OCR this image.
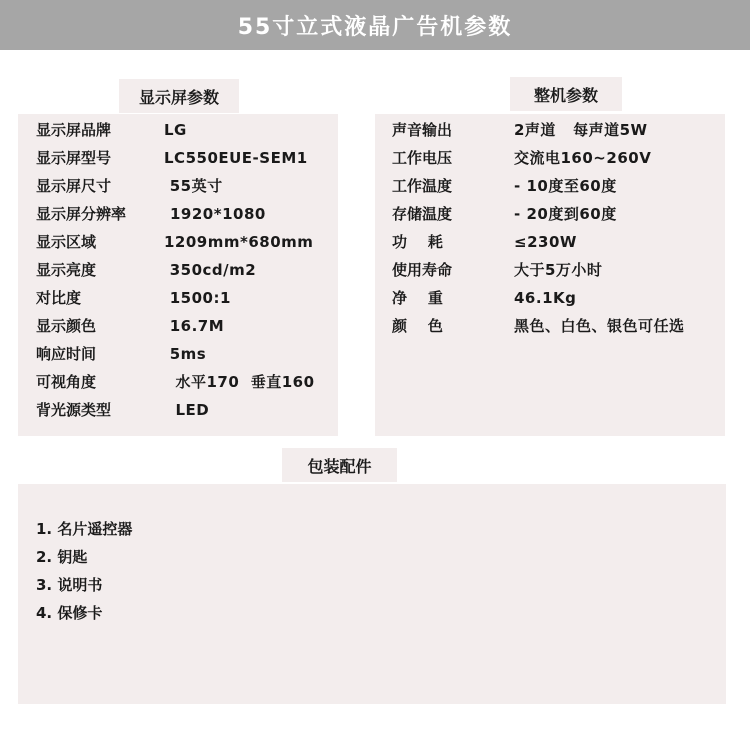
55寸立式液晶广告机参数
显示屏参数
显示屏品牌	LG
显示屏型号	LC550EUE-SEM1
显示屏尺寸	55英寸
显示屏分辨率	1920*1080
显示区域	1209mm*680mm
显示亮度	350cd/m2
对比度	1500:1
显示颜色	16.7M
响应时间	5ms
可视角度	水平170  垂直160
背光源类型	LED
整机参数
声音输出	2声道   每声道5W
工作电压	交流电160~260V
工作温度	- 10度至60度
存储温度	- 20度到60度
功    耗	≤230W
使用寿命	大于5万小时
净    重	46.1Kg
颜    色	黑色、白色、银色可任选
包装配件
1. 名片遥控器
2. 钥匙
3. 说明书
4. 保修卡
